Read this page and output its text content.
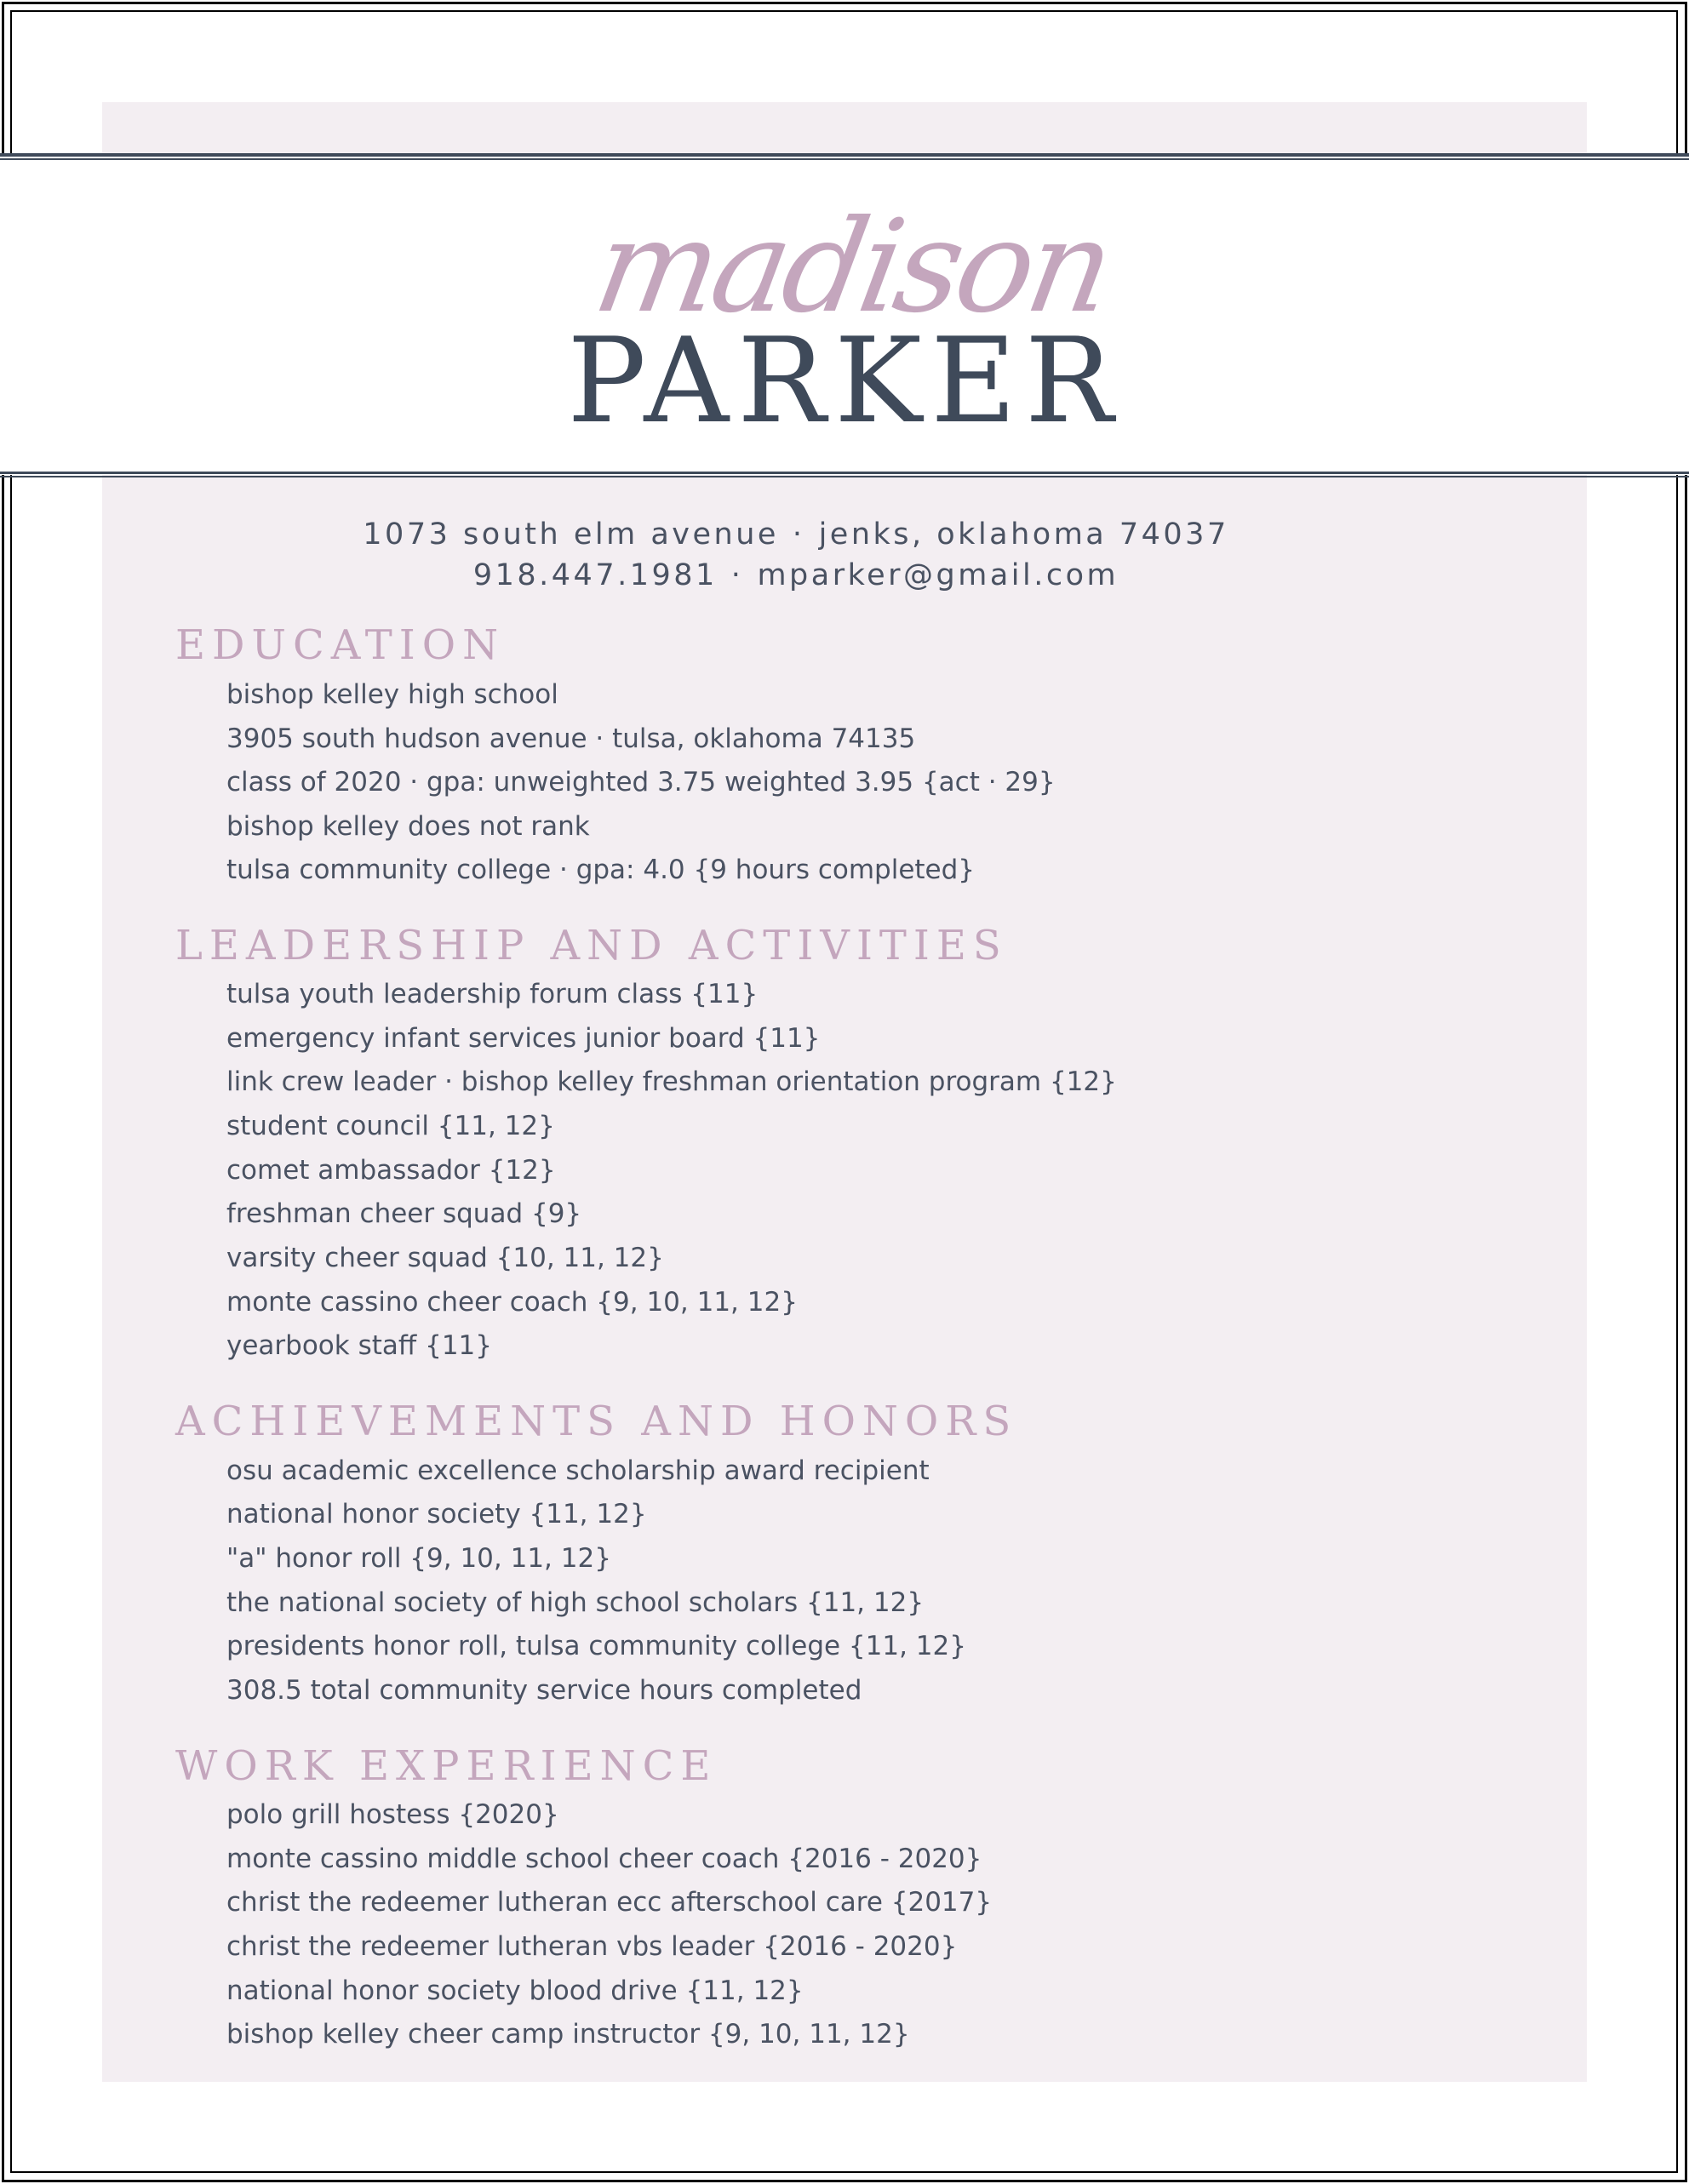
madison
PARKER
1073 south elm avenue · jenks, oklahoma 74037
918.447.1981 · mparker@gmail.com
EDUCATION
bishop kelley high school
3905 south hudson avenue · tulsa, oklahoma 74135
class of 2020 · gpa: unweighted 3.75 weighted 3.95 {act · 29}
bishop kelley does not rank
tulsa community college · gpa: 4.0 {9 hours completed}
LEADERSHIP AND ACTIVITIES
tulsa youth leadership forum class {11}
emergency infant services junior board {11}
link crew leader · bishop kelley freshman orientation program {12}
student council {11, 12}
comet ambassador {12}
freshman cheer squad {9}
varsity cheer squad {10, 11, 12}
monte cassino cheer coach {9, 10, 11, 12}
yearbook staff {11}
ACHIEVEMENTS AND HONORS
osu academic excellence scholarship award recipient
national honor society {11, 12}
"a" honor roll {9, 10, 11, 12}
the national society of high school scholars {11, 12}
presidents honor roll, tulsa community college {11, 12}
308.5 total community service hours completed
WORK EXPERIENCE
polo grill hostess {2020}
monte cassino middle school cheer coach {2016 - 2020}
christ the redeemer lutheran ecc afterschool care {2017}
christ the redeemer lutheran vbs leader {2016 - 2020}
national honor society blood drive {11, 12}
bishop kelley cheer camp instructor {9, 10, 11, 12}
